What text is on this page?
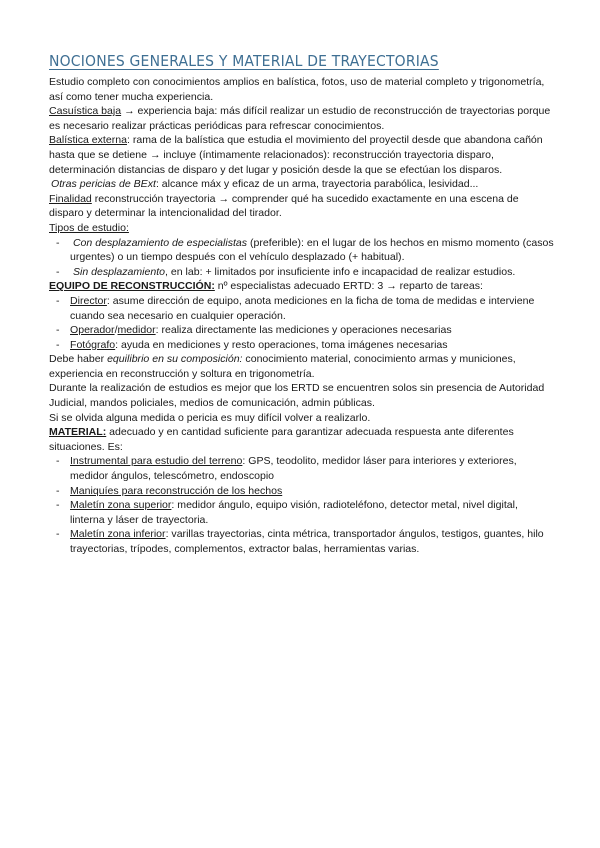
NOCIONES GENERALES Y MATERIAL DE TRAYECTORIAS

Estudio completo con conocimientos amplios en balística, fotos, uso de material completo y trigonometría, así como tener mucha experiencia.

Casuística baja → experiencia baja: más difícil realizar un estudio de reconstrucción de trayectorias porque es necesario realizar prácticas periódicas para refrescar conocimientos.

Balística externa: rama de la balística que estudia el movimiento del proyectil desde que abandona cañón hasta que se detiene → incluye (íntimamente relacionados): reconstrucción trayectoria disparo, determinación distancias de disparo y det lugar y posición desde la que se efectúan los disparos.

Otras pericias de BExt: alcance máx y eficaz de un arma, trayectoria parabólica, lesividad...

Finalidad reconstrucción trayectoria → comprender qué ha sucedido exactamente en una escena de disparo y determinar la intencionalidad del tirador.

Tipos de estudio:

- Con desplazamiento de especialistas (preferible): en el lugar de los hechos en mismo momento (casos urgentes) o un tiempo después con el vehículo desplazado (+ habitual).
- Sin desplazamiento, en lab: + limitados por insuficiente info e incapacidad de realizar estudios.

EQUIPO DE RECONSTRUCCIÓN: nº especialistas adecuado ERTD: 3 → reparto de tareas:

- Director: asume dirección de equipo, anota mediciones en la ficha de toma de medidas e interviene cuando sea necesario en cualquier operación.
- Operador/medidor: realiza directamente las mediciones y operaciones necesarias
- Fotógrafo: ayuda en mediciones y resto operaciones, toma imágenes necesarias

Debe haber equilibrio en su composición: conocimiento material, conocimiento armas y municiones, experiencia en reconstrucción y soltura en trigonometría.

Durante la realización de estudios es mejor que los ERTD se encuentren solos sin presencia de Autoridad Judicial, mandos policiales, medios de comunicación, admin públicas.

Si se olvida alguna medida o pericia es muy difícil volver a realizarlo.

MATERIAL: adecuado y en cantidad suficiente para garantizar adecuada respuesta ante diferentes situaciones. Es:

- Instrumental para estudio del terreno: GPS, teodolito, medidor láser para interiores y exteriores, medidor ángulos, telescómetro, endoscopio
- Maniquíes para reconstrucción de los hechos
- Maletín zona superior: medidor ángulo, equipo visión, radioteléfono, detector metal, nivel digital, linterna y láser de trayectoria.
- Maletín zona inferior: varillas trayectorias, cinta métrica, transportador ángulos, testigos, guantes, hilo trayectorias, trípodes, complementos, extractor balas, herramientas varias.
